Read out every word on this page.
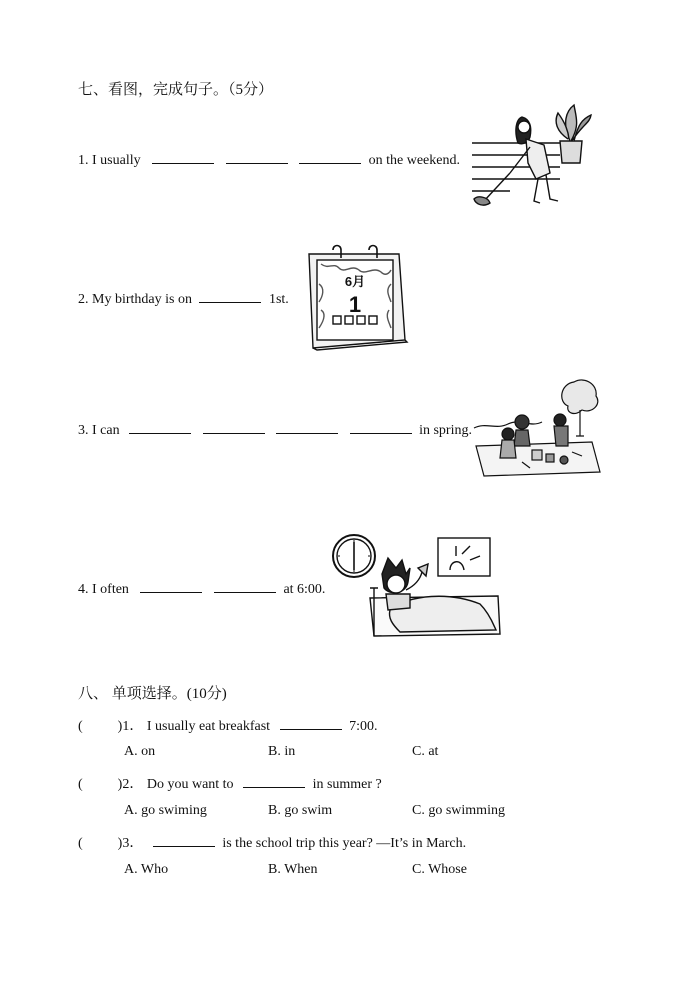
七、看图，完成句子。（5分）
1. I usually	on the weekend.
2. My birthday is on	1st.
6月
1
3. I can	in spring.
4. I often	at 6:00.
八、 单项选择。(10分)
(	)1． I usually eat breakfast	7:00.
A. on	B. in	C. at
(	)2． Do you want to	in summer ?
A. go swiming	B. go swim	C. go swimming
(	)3．	is the school trip this year? —It’s in March.
A. Who	B. When	C. Whose
